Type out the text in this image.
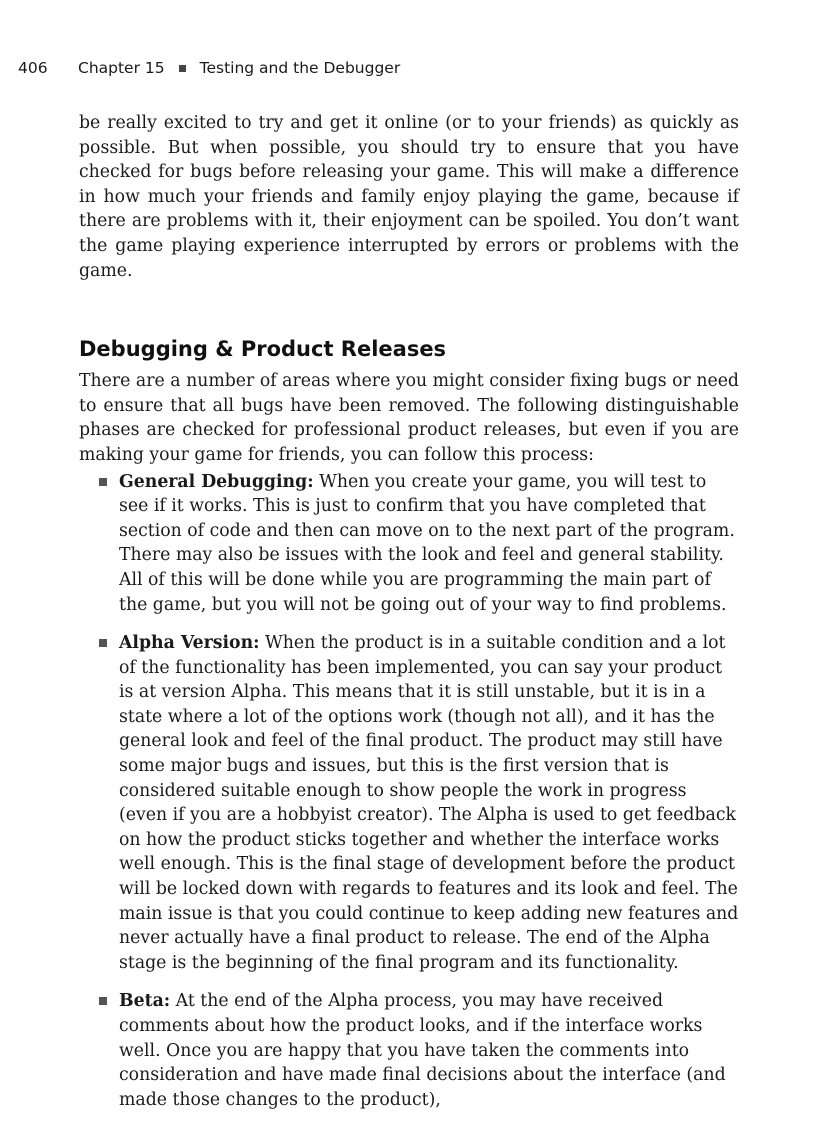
406	Chapter 15 Testing and the Debugger

be really excited to try and get it online (or to your friends) as quickly as possible. But when possible, you should try to ensure that you have checked for bugs before releasing your game. This will make a difference in how much your friends and family enjoy playing the game, because if there are problems with it, their enjoyment can be spoiled. You don’t want the game playing experience interrupted by errors or problems with the game.

Debugging & Product Releases

There are a number of areas where you might consider fixing bugs or need to ensure that all bugs have been removed. The following distinguishable phases are checked for professional product releases, but even if you are making your game for friends, you can follow this process:

General Debugging: When you create your game, you will test to see if it works. This is just to confirm that you have completed that section of code and then can move on to the next part of the program. There may also be issues with the look and feel and general stability. All of this will be done while you are programming the main part of the game, but you will not be going out of your way to find problems.
Alpha Version: When the product is in a suitable condition and a lot of the functionality has been implemented, you can say your product is at version Alpha. This means that it is still unstable, but it is in a state where a lot of the options work (though not all), and it has the general look and feel of the final product. The product may still have some major bugs and issues, but this is the first version that is considered suitable enough to show people the work in progress (even if you are a hobbyist creator). The Alpha is used to get feedback on how the product sticks together and whether the interface works well enough. This is the final stage of development before the product will be locked down with regards to features and its look and feel. The main issue is that you could continue to keep adding new features and never actually have a final product to release. The end of the Alpha stage is the beginning of the final program and its functionality.
Beta: At the end of the Alpha process, you may have received comments about how the product looks, and if the interface works well. Once you are happy that you have taken the comments into consideration and have made final decisions about the interface (and made those changes to the product),
